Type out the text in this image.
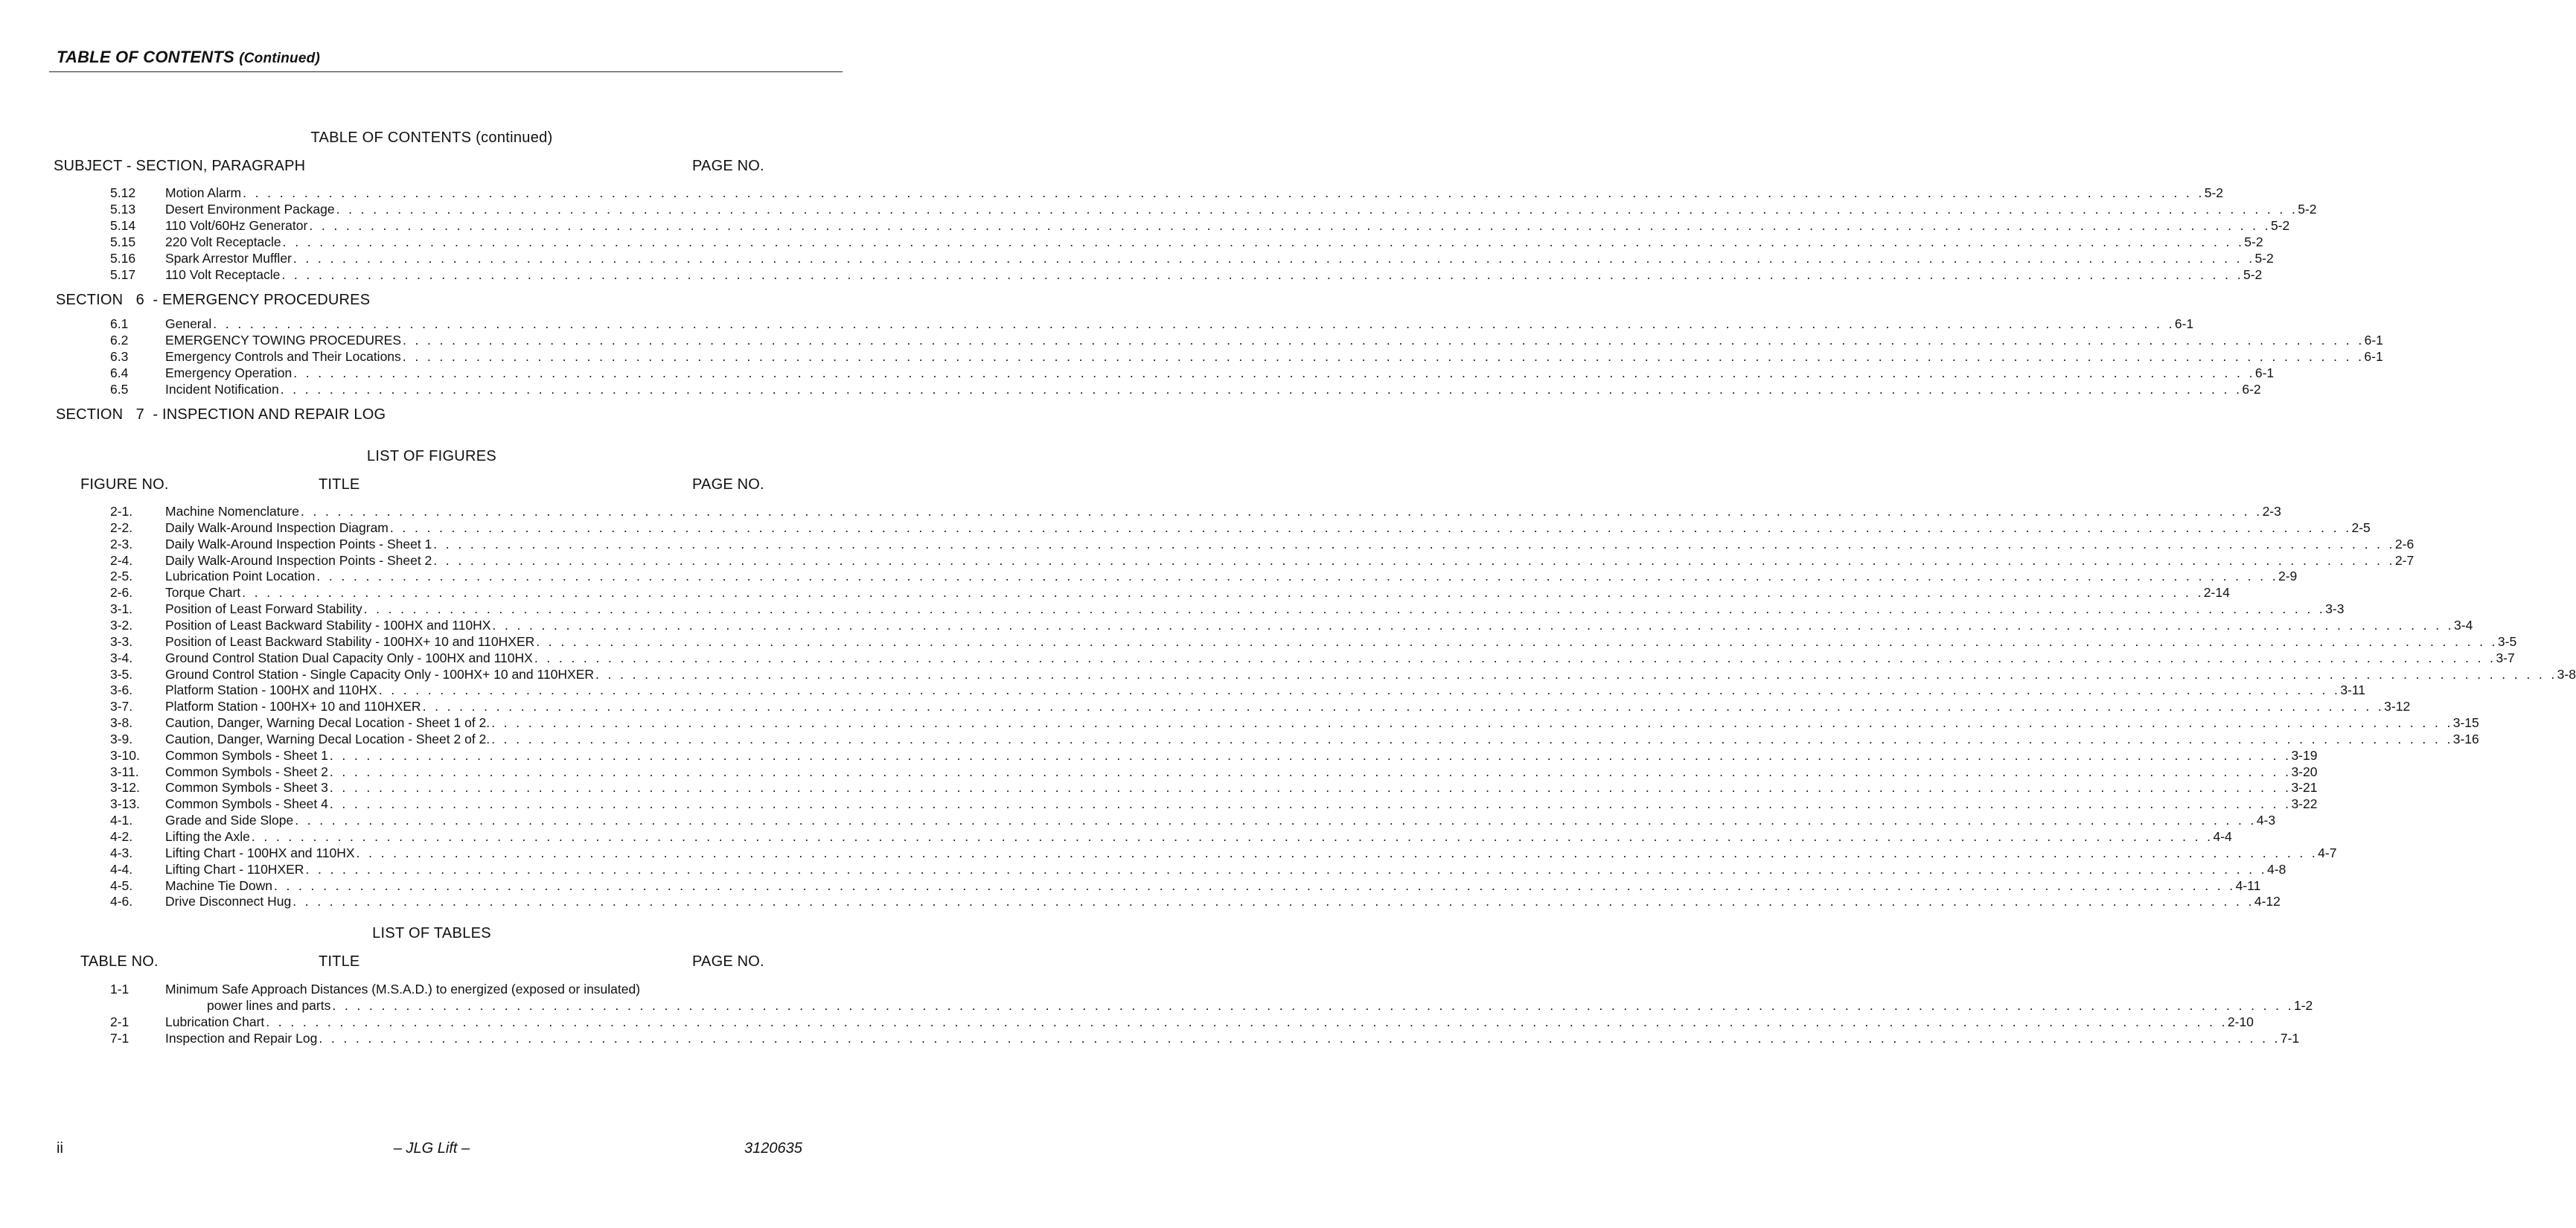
TABLE OF CONTENTS (Continued)
TABLE OF CONTENTS (continued)
SUBJECT - SECTION, PARAGRAPH	PAGE NO.
5.12 Motion Alarm . . . . . . . . . . . . . . . . . . . . . . . . . . . . . . . . . . . . . . . . . . . . . . . . . . . . . . . . . . . . . . . . . . . . . . . . . . . . . . . . . . . . . . . . . . . . . . . . . . . . . . . . . . . . . . . . . . . . . . . . . . . . . . . . . . . . . . . . . . . . . . . . . . . . . . . . . . . . . . . . 5-2
5.13 Desert Environment Package . . . . . . . . . . . . . . . . . . . . . . . . . . . . . . . . . . . . . . . . . . . . . . . . . . . . . . . . . . . . . . . . . . . . . . . . . . . . . . . . . . . . . . . . . . . . . . . . . . . . . . . . . . . . . . . . . . . . . . . . . . . . . . . . . . . . . . . . . . . . . . . . . . . . . . . . . . . . . . . . 5-2
5.14 110 Volt/60Hz Generator . . . . . . . . . . . . . . . . . . . . . . . . . . . . . . . . . . . . . . . . . . . . . . . . . . . . . . . . . . . . . . . . . . . . . . . . . . . . . . . . . . . . . . . . . . . . . . . . . . . . . . . . . . . . . . . . . . . . . . . . . . . . . . . . . . . . . . . . . . . . . . . . . . . . . . . . . . . . . . . . 5-2
5.15 220 Volt Receptacle . . . . . . . . . . . . . . . . . . . . . . . . . . . . . . . . . . . . . . . . . . . . . . . . . . . . . . . . . . . . . . . . . . . . . . . . . . . . . . . . . . . . . . . . . . . . . . . . . . . . . . . . . . . . . . . . . . . . . . . . . . . . . . . . . . . . . . . . . . . . . . . . . . . . . . . . . . . . . . . . 5-2
5.16 Spark Arrestor Muffler . . . . . . . . . . . . . . . . . . . . . . . . . . . . . . . . . . . . . . . . . . . . . . . . . . . . . . . . . . . . . . . . . . . . . . . . . . . . . . . . . . . . . . . . . . . . . . . . . . . . . . . . . . . . . . . . . . . . . . . . . . . . . . . . . . . . . . . . . . . . . . . . . . . . . . . . . . . . . . . . 5-2
5.17 110 Volt Receptacle . . . . . . . . . . . . . . . . . . . . . . . . . . . . . . . . . . . . . . . . . . . . . . . . . . . . . . . . . . . . . . . . . . . . . . . . . . . . . . . . . . . . . . . . . . . . . . . . . . . . . . . . . . . . . . . . . . . . . . . . . . . . . . . . . . . . . . . . . . . . . . . . . . . . . . . . . . . . . . . . 5-2
SECTION   6  - EMERGENCY PROCEDURES
6.1	General . . . . . . . . . . . . . . . . . . . . . . . . . . . . . . . . . . . . . . . . . . . . . . . . . . . . . . . . . . . . . . . . . . . . . . . . . . . . . . . . . . . . . . . . . . . . . . . . . . . . . . . . . . . . . . . . . . . . . . . . . . . . . . . . . . . . . . . . . . . . . . . . . . . . . . . . . . . . . . . . 6-1
6.2	EMERGENCY TOWING PROCEDURES . . . . . . . . . . . . . . . . . . . . . . . . . . . . . . . . . . . . . . . . . . . . . . . . . . . . . . . . . . . . . . . . . . . . . . . . . . . . . . . . . . . . . . . . . . . . . . . . . . . . . . . . . . . . . . . . . . . . . . . . . . . . . . . . . . . . . . . . . . . . . . . . . . . . . . . . . . . . . . . . 6-1
6.3	Emergency Controls and Their Locations . . . . . . . . . . . . . . . . . . . . . . . . . . . . . . . . . . . . . . . . . . . . . . . . . . . . . . . . . . . . . . . . . . . . . . . . . . . . . . . . . . . . . . . . . . . . . . . . . . . . . . . . . . . . . . . . . . . . . . . . . . . . . . . . . . . . . . . . . . . . . . . . . . . . . . . . . . . . . . . . 6-1
6.4	Emergency Operation . . . . . . . . . . . . . . . . . . . . . . . . . . . . . . . . . . . . . . . . . . . . . . . . . . . . . . . . . . . . . . . . . . . . . . . . . . . . . . . . . . . . . . . . . . . . . . . . . . . . . . . . . . . . . . . . . . . . . . . . . . . . . . . . . . . . . . . . . . . . . . . . . . . . . . . . . . . . . . . . 6-1
6.5	Incident Notification . . . . . . . . . . . . . . . . . . . . . . . . . . . . . . . . . . . . . . . . . . . . . . . . . . . . . . . . . . . . . . . . . . . . . . . . . . . . . . . . . . . . . . . . . . . . . . . . . . . . . . . . . . . . . . . . . . . . . . . . . . . . . . . . . . . . . . . . . . . . . . . . . . . . . . . . . . . . . . . . 6-2
SECTION   7  - INSPECTION AND REPAIR LOG
LIST OF FIGURES
FIGURE NO.	TITLE	PAGE NO.
2-1.	Machine Nomenclature . . . . . . . . . . . . . . . . . . . . . . . . . . . . . . . . . . . . . . . . . . . . . . . . . . . . . . . . . . . . . . . . . . . . . . . . . . . . . . . . . . . . . . . . . . . . . . . . . . . . . . . . . . . . . . . . . . . . . . . . . . . . . . . . . . . . . . . . . . . . . . . . . . . . . . . . . . . . . . . . 2-3
2-2.	Daily Walk-Around Inspection Diagram . . . . . . . . . . . . . . . . . . . . . . . . . . . . . . . . . . . . . . . . . . . . . . . . . . . . . . . . . . . . . . . . . . . . . . . . . . . . . . . . . . . . . . . . . . . . . . . . . . . . . . . . . . . . . . . . . . . . . . . . . . . . . . . . . . . . . . . . . . . . . . . . . . . . . . . . . . . . . . . . 2-5
2-3.	Daily Walk-Around Inspection Points - Sheet 1 . . . . . . . . . . . . . . . . . . . . . . . . . . . . . . . . . . . . . . . . . . . . . . . . . . . . . . . . . . . . . . . . . . . . . . . . . . . . . . . . . . . . . . . . . . . . . . . . . . . . . . . . . . . . . . . . . . . . . . . . . . . . . . . . . . . . . . . . . . . . . . . . . . . . . . . . . . . . . . . . 2-6
2-4.	Daily Walk-Around Inspection Points - Sheet 2 . . . . . . . . . . . . . . . . . . . . . . . . . . . . . . . . . . . . . . . . . . . . . . . . . . . . . . . . . . . . . . . . . . . . . . . . . . . . . . . . . . . . . . . . . . . . . . . . . . . . . . . . . . . . . . . . . . . . . . . . . . . . . . . . . . . . . . . . . . . . . . . . . . . . . . . . . . . . . . . . 2-7
2-5.	Lubrication Point Location . . . . . . . . . . . . . . . . . . . . . . . . . . . . . . . . . . . . . . . . . . . . . . . . . . . . . . . . . . . . . . . . . . . . . . . . . . . . . . . . . . . . . . . . . . . . . . . . . . . . . . . . . . . . . . . . . . . . . . . . . . . . . . . . . . . . . . . . . . . . . . . . . . . . . . . . . . . . . . . . 2-9
2-6.	Torque Chart . . . . . . . . . . . . . . . . . . . . . . . . . . . . . . . . . . . . . . . . . . . . . . . . . . . . . . . . . . . . . . . . . . . . . . . . . . . . . . . . . . . . . . . . . . . . . . . . . . . . . . . . . . . . . . . . . . . . . . . . . . . . . . . . . . . . . . . . . . . . . . . . . . . . . . . . . . . . . . . . 2-14
3-1.	Position of Least Forward Stability . . . . . . . . . . . . . . . . . . . . . . . . . . . . . . . . . . . . . . . . . . . . . . . . . . . . . . . . . . . . . . . . . . . . . . . . . . . . . . . . . . . . . . . . . . . . . . . . . . . . . . . . . . . . . . . . . . . . . . . . . . . . . . . . . . . . . . . . . . . . . . . . . . . . . . . . . . . . . . . . 3-3
3-2.	Position of Least Backward Stability - 100HX and 110HX . . . . . . . . . . . . . . . . . . . . . . . . . . . . . . . . . . . . . . . . . . . . . . . . . . . . . . . . . . . . . . . . . . . . . . . . . . . . . . . . . . . . . . . . . . . . . . . . . . . . . . . . . . . . . . . . . . . . . . . . . . . . . . . . . . . . . . . . . . . . . . . . . . . . . . . . . . . . . . . . 3-4
3-3.	Position of Least Backward Stability - 100HX+ 10 and 110HXER . . . . . . . . . . . . . . . . . . . . . . . . . . . . . . . . . . . . . . . . . . . . . . . . . . . . . . . . . . . . . . . . . . . . . . . . . . . . . . . . . . . . . . . . . . . . . . . . . . . . . . . . . . . . . . . . . . . . . . . . . . . . . . . . . . . . . . . . . . . . . . . . . . . . . . . . . . . . . . . . 3-5
3-4.	Ground Control Station Dual Capacity Only - 100HX and 110HX . . . . . . . . . . . . . . . . . . . . . . . . . . . . . . . . . . . . . . . . . . . . . . . . . . . . . . . . . . . . . . . . . . . . . . . . . . . . . . . . . . . . . . . . . . . . . . . . . . . . . . . . . . . . . . . . . . . . . . . . . . . . . . . . . . . . . . . . . . . . . . . . . . . . . . . . . . . . . . . . 3-7
3-5.	Ground Control Station - Single Capacity Only - 100HX+ 10 and 110HXER . . . . . . . . . . . . . . . . . . . . . . . . . . . . . . . . . . . . . . . . . . . . . . . . . . . . . . . . . . . . . . . . . . . . . . . . . . . . . . . . . . . . . . . . . . . . . . . . . . . . . . . . . . . . . . . . . . . . . . . . . . . . . . . . . . . . . . . . . . . . . . . . . . . . . . . . . . . . . . . . 3-8
3-6.	Platform Station - 100HX and 110HX . . . . . . . . . . . . . . . . . . . . . . . . . . . . . . . . . . . . . . . . . . . . . . . . . . . . . . . . . . . . . . . . . . . . . . . . . . . . . . . . . . . . . . . . . . . . . . . . . . . . . . . . . . . . . . . . . . . . . . . . . . . . . . . . . . . . . . . . . . . . . . . . . . . . . . . . . . . . . . . . 3-11
3-7.	Platform Station - 100HX+ 10 and 110HXER . . . . . . . . . . . . . . . . . . . . . . . . . . . . . . . . . . . . . . . . . . . . . . . . . . . . . . . . . . . . . . . . . . . . . . . . . . . . . . . . . . . . . . . . . . . . . . . . . . . . . . . . . . . . . . . . . . . . . . . . . . . . . . . . . . . . . . . . . . . . . . . . . . . . . . . . . . . . . . . . 3-12
3-8.	Caution, Danger, Warning Decal Location - Sheet 1 of 2. . . . . . . . . . . . . . . . . . . . . . . . . . . . . . . . . . . . . . . . . . . . . . . . . . . . . . . . . . . . . . . . . . . . . . . . . . . . . . . . . . . . . . . . . . . . . . . . . . . . . . . . . . . . . . . . . . . . . . . . . . . . . . . . . . . . . . . . . . . . . . . . . . . . . . . . . . . . . . . . . 3-15
3-9.	Caution, Danger, Warning Decal Location - Sheet 2 of 2. . . . . . . . . . . . . . . . . . . . . . . . . . . . . . . . . . . . . . . . . . . . . . . . . . . . . . . . . . . . . . . . . . . . . . . . . . . . . . . . . . . . . . . . . . . . . . . . . . . . . . . . . . . . . . . . . . . . . . . . . . . . . . . . . . . . . . . . . . . . . . . . . . . . . . . . . . . . . . . . . 3-16
3-10. Common Symbols - Sheet 1 . . . . . . . . . . . . . . . . . . . . . . . . . . . . . . . . . . . . . . . . . . . . . . . . . . . . . . . . . . . . . . . . . . . . . . . . . . . . . . . . . . . . . . . . . . . . . . . . . . . . . . . . . . . . . . . . . . . . . . . . . . . . . . . . . . . . . . . . . . . . . . . . . . . . . . . . . . . . . . . . 3-19
3-11. Common Symbols - Sheet 2 . . . . . . . . . . . . . . . . . . . . . . . . . . . . . . . . . . . . . . . . . . . . . . . . . . . . . . . . . . . . . . . . . . . . . . . . . . . . . . . . . . . . . . . . . . . . . . . . . . . . . . . . . . . . . . . . . . . . . . . . . . . . . . . . . . . . . . . . . . . . . . . . . . . . . . . . . . . . . . . . 3-20
3-12. Common Symbols - Sheet 3 . . . . . . . . . . . . . . . . . . . . . . . . . . . . . . . . . . . . . . . . . . . . . . . . . . . . . . . . . . . . . . . . . . . . . . . . . . . . . . . . . . . . . . . . . . . . . . . . . . . . . . . . . . . . . . . . . . . . . . . . . . . . . . . . . . . . . . . . . . . . . . . . . . . . . . . . . . . . . . . . 3-21
3-13. Common Symbols - Sheet 4 . . . . . . . . . . . . . . . . . . . . . . . . . . . . . . . . . . . . . . . . . . . . . . . . . . . . . . . . . . . . . . . . . . . . . . . . . . . . . . . . . . . . . . . . . . . . . . . . . . . . . . . . . . . . . . . . . . . . . . . . . . . . . . . . . . . . . . . . . . . . . . . . . . . . . . . . . . . . . . . . 3-22
4-1.	Grade and Side Slope . . . . . . . . . . . . . . . . . . . . . . . . . . . . . . . . . . . . . . . . . . . . . . . . . . . . . . . . . . . . . . . . . . . . . . . . . . . . . . . . . . . . . . . . . . . . . . . . . . . . . . . . . . . . . . . . . . . . . . . . . . . . . . . . . . . . . . . . . . . . . . . . . . . . . . . . . . . . . . . . 4-3
4-2.	Lifting the Axle . . . . . . . . . . . . . . . . . . . . . . . . . . . . . . . . . . . . . . . . . . . . . . . . . . . . . . . . . . . . . . . . . . . . . . . . . . . . . . . . . . . . . . . . . . . . . . . . . . . . . . . . . . . . . . . . . . . . . . . . . . . . . . . . . . . . . . . . . . . . . . . . . . . . . . . . . . . . . . . . 4-4
4-3.	Lifting Chart - 100HX and 110HX . . . . . . . . . . . . . . . . . . . . . . . . . . . . . . . . . . . . . . . . . . . . . . . . . . . . . . . . . . . . . . . . . . . . . . . . . . . . . . . . . . . . . . . . . . . . . . . . . . . . . . . . . . . . . . . . . . . . . . . . . . . . . . . . . . . . . . . . . . . . . . . . . . . . . . . . . . . . . . . . 4-7
4-4.	Lifting Chart - 110HXER . . . . . . . . . . . . . . . . . . . . . . . . . . . . . . . . . . . . . . . . . . . . . . . . . . . . . . . . . . . . . . . . . . . . . . . . . . . . . . . . . . . . . . . . . . . . . . . . . . . . . . . . . . . . . . . . . . . . . . . . . . . . . . . . . . . . . . . . . . . . . . . . . . . . . . . . . . . . . . . . 4-8
4-5.	Machine Tie Down . . . . . . . . . . . . . . . . . . . . . . . . . . . . . . . . . . . . . . . . . . . . . . . . . . . . . . . . . . . . . . . . . . . . . . . . . . . . . . . . . . . . . . . . . . . . . . . . . . . . . . . . . . . . . . . . . . . . . . . . . . . . . . . . . . . . . . . . . . . . . . . . . . . . . . . . . . . . . . . . 4-11
4-6.	Drive Disconnect Hug . . . . . . . . . . . . . . . . . . . . . . . . . . . . . . . . . . . . . . . . . . . . . . . . . . . . . . . . . . . . . . . . . . . . . . . . . . . . . . . . . . . . . . . . . . . . . . . . . . . . . . . . . . . . . . . . . . . . . . . . . . . . . . . . . . . . . . . . . . . . . . . . . . . . . . . . . . . . . . . . 4-12
LIST OF TABLES
TABLE NO.	TITLE	PAGE NO.
1-1	Minimum Safe Approach Distances (M.S.A.D.) to energized (exposed or insulated)
power lines and parts . . . . . . . . . . . . . . . . . . . . . . . . . . . . . . . . . . . . . . . . . . . . . . . . . . . . . . . . . . . . . . . . . . . . . . . . . . . . . . . . . . . . . . . . . . . . . . . . . . . . . . . . . . . . . . . . . . . . . . . . . . . . . . . . . . . . . . . . . . . . . . . . . . . . . . . . . . . . . . . . 1-2
2-1	Lubrication Chart . . . . . . . . . . . . . . . . . . . . . . . . . . . . . . . . . . . . . . . . . . . . . . . . . . . . . . . . . . . . . . . . . . . . . . . . . . . . . . . . . . . . . . . . . . . . . . . . . . . . . . . . . . . . . . . . . . . . . . . . . . . . . . . . . . . . . . . . . . . . . . . . . . . . . . . . . . . . . . . . 2-10
7-1	Inspection and Repair Log . . . . . . . . . . . . . . . . . . . . . . . . . . . . . . . . . . . . . . . . . . . . . . . . . . . . . . . . . . . . . . . . . . . . . . . . . . . . . . . . . . . . . . . . . . . . . . . . . . . . . . . . . . . . . . . . . . . . . . . . . . . . . . . . . . . . . . . . . . . . . . . . . . . . . . . . . . . . . . . . 7-1
ii	– JLG Lift –	3120635
